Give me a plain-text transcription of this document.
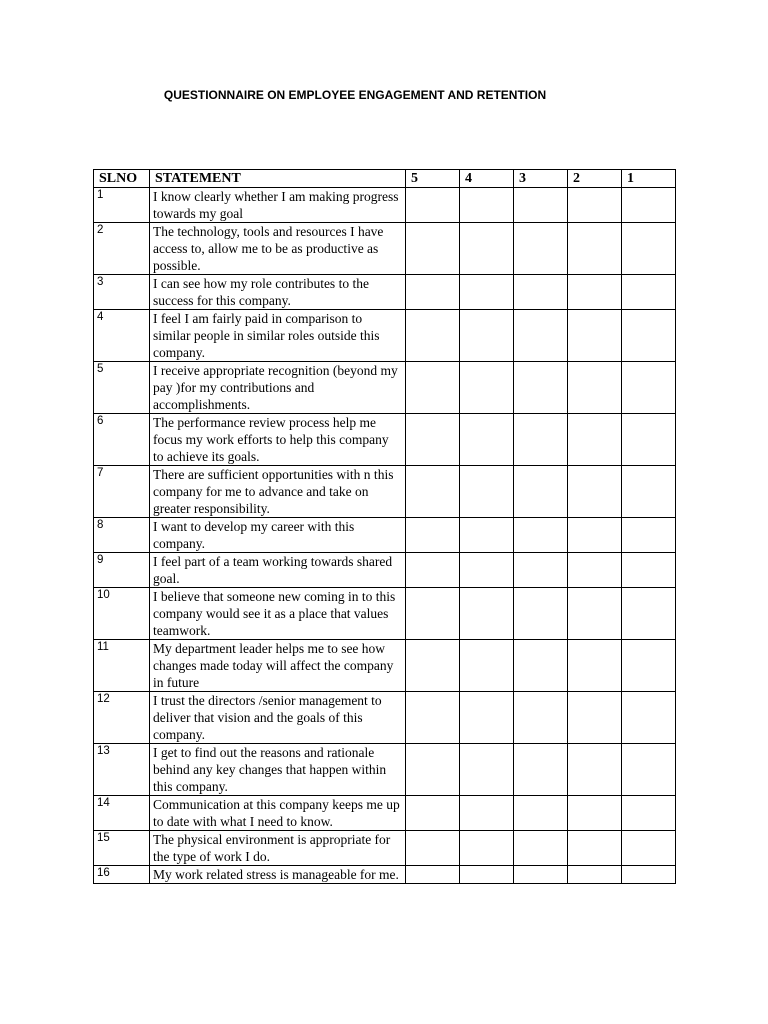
QUESTIONNAIRE ON EMPLOYEE ENGAGEMENT AND RETENTION
SLNO	STATEMENT	5	4	3	2	1
1	I know clearly whether I am making progress towards my goal					
2	The technology, tools and resources I have access to, allow me to be as productive as possible.					
3	I can see how my role contributes to the success for this company.					
4	I feel I am fairly paid in comparison to similar people in similar roles outside this company.					
5	I receive appropriate recognition (beyond my pay )for my contributions and accomplishments.					
6	The performance review process help me focus my work efforts to help this company to achieve its goals.					
7	There are sufficient opportunities with n this company for me to advance and take on greater responsibility.					
8	I want to develop my career with this company.					
9	I feel part of a team working towards shared goal.					
10	I believe that someone new coming in to this company would see it as a place that values teamwork.					
11	My department leader helps me to see how changes made today will affect the company in future					
12	I trust the directors /senior management to deliver that vision and the goals of this company.					
13	I get to find out the reasons and rationale behind any key changes that happen within this company.					
14	Communication at this company keeps me up to date with what I need to know.					
15	The physical environment is appropriate for the type of work I do.					
16	My work related stress is manageable for me.					
